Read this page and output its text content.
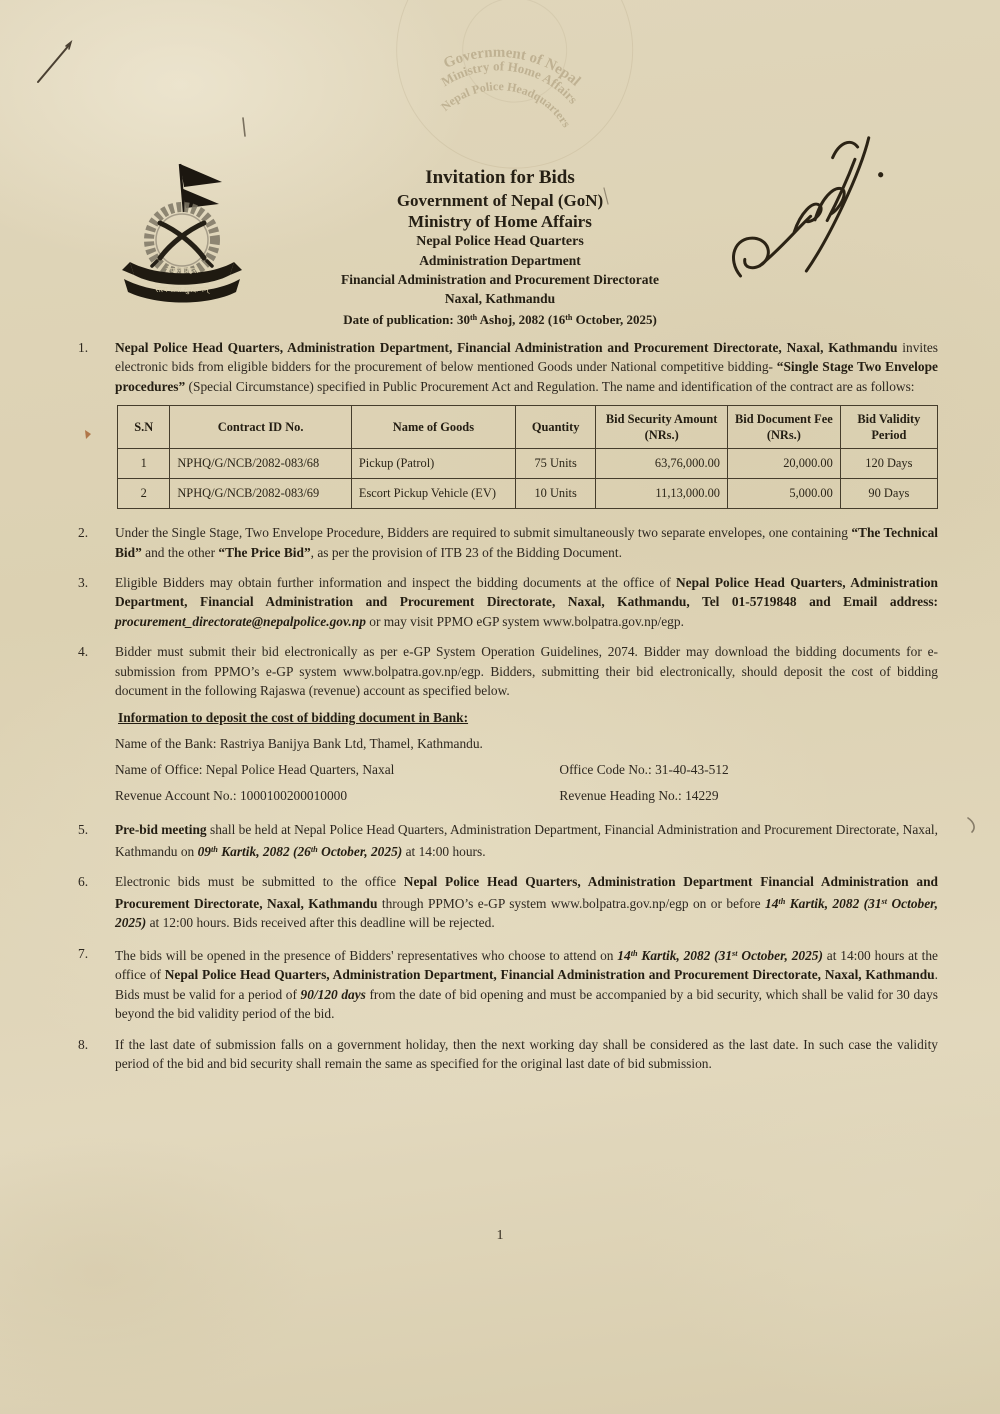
Government of Nepal
Ministry of Home Affairs
Nepal Police Headquarters
नेपाल प्रहरी
सत्य सेवा सुरक्षणम्
Invitation for Bids
Government of Nepal (GoN)
Ministry of Home Affairs
Nepal Police Head Quarters
Administration Department
Financial Administration and Procurement Directorate
Naxal, Kathmandu
Date of publication: 30th Ashoj, 2082 (16th October, 2025)
1.	Nepal Police Head Quarters, Administration Department, Financial Administration and Procurement Directorate, Naxal, Kathmandu invites electronic bids from eligible bidders for the procurement of below mentioned Goods under National competitive bidding- “Single Stage Two Envelope procedures” (Special Circumstance) specified in Public Procurement Act and Regulation. The name and identification of the contract are as follows:
S.N	Contract ID No.	Name of Goods	Quantity	Bid Security Amount (NRs.)	Bid Document Fee (NRs.)	Bid Validity Period
1	NPHQ/G/NCB/2082-083/68	Pickup (Patrol)	75 Units	63,76,000.00	20,000.00	120 Days
2	NPHQ/G/NCB/2082-083/69	Escort Pickup Vehicle (EV)	10 Units	11,13,000.00	5,000.00	90 Days
2.	Under the Single Stage, Two Envelope Procedure, Bidders are required to submit simultaneously two separate envelopes, one containing “The Technical Bid” and the other “The Price Bid”, as per the provision of ITB 23 of the Bidding Document.
3.	Eligible Bidders may obtain further information and inspect the bidding documents at the office of Nepal Police Head Quarters, Administration Department, Financial Administration and Procurement Directorate, Naxal, Kathmandu, Tel 01-5719848 and Email address: procurement_directorate@nepalpolice.gov.np or may visit PPMO eGP system www.bolpatra.gov.np/egp.
4.	Bidder must submit their bid electronically as per e-GP System Operation Guidelines, 2074. Bidder may download the bidding documents for e-submission from PPMO’s e-GP system www.bolpatra.gov.np/egp. Bidders, submitting their bid electronically, should deposit the cost of bidding document in the following Rajaswa (revenue) account as specified below.
Information to deposit the cost of bidding document in Bank:
Name of the Bank: Rastriya Banijya Bank Ltd, Thamel, Kathmandu.
Name of Office: Nepal Police Head Quarters, Naxal	Office Code No.: 31-40-43-512
Revenue Account No.: 1000100200010000	Revenue Heading No.: 14229
5.	Pre-bid meeting shall be held at Nepal Police Head Quarters, Administration Department, Financial Administration and Procurement Directorate, Naxal, Kathmandu on 09th Kartik, 2082 (26th October, 2025) at 14:00 hours.
6.	Electronic bids must be submitted to the office Nepal Police Head Quarters, Administration Department Financial Administration and Procurement Directorate, Naxal, Kathmandu through PPMO’s e-GP system www.bolpatra.gov.np/egp on or before 14th Kartik, 2082 (31st October, 2025) at 12:00 hours. Bids received after this deadline will be rejected.
7.	The bids will be opened in the presence of Bidders' representatives who choose to attend on 14th Kartik, 2082 (31st October, 2025) at 14:00 hours at the office of Nepal Police Head Quarters, Administration Department, Financial Administration and Procurement Directorate, Naxal, Kathmandu. Bids must be valid for a period of 90/120 days from the date of bid opening and must be accompanied by a bid security, which shall be valid for 30 days beyond the bid validity period of the bid.
8.	If the last date of submission falls on a government holiday, then the next working day shall be considered as the last date. In such case the validity period of the bid and bid security shall remain the same as specified for the original last date of bid submission.
1
